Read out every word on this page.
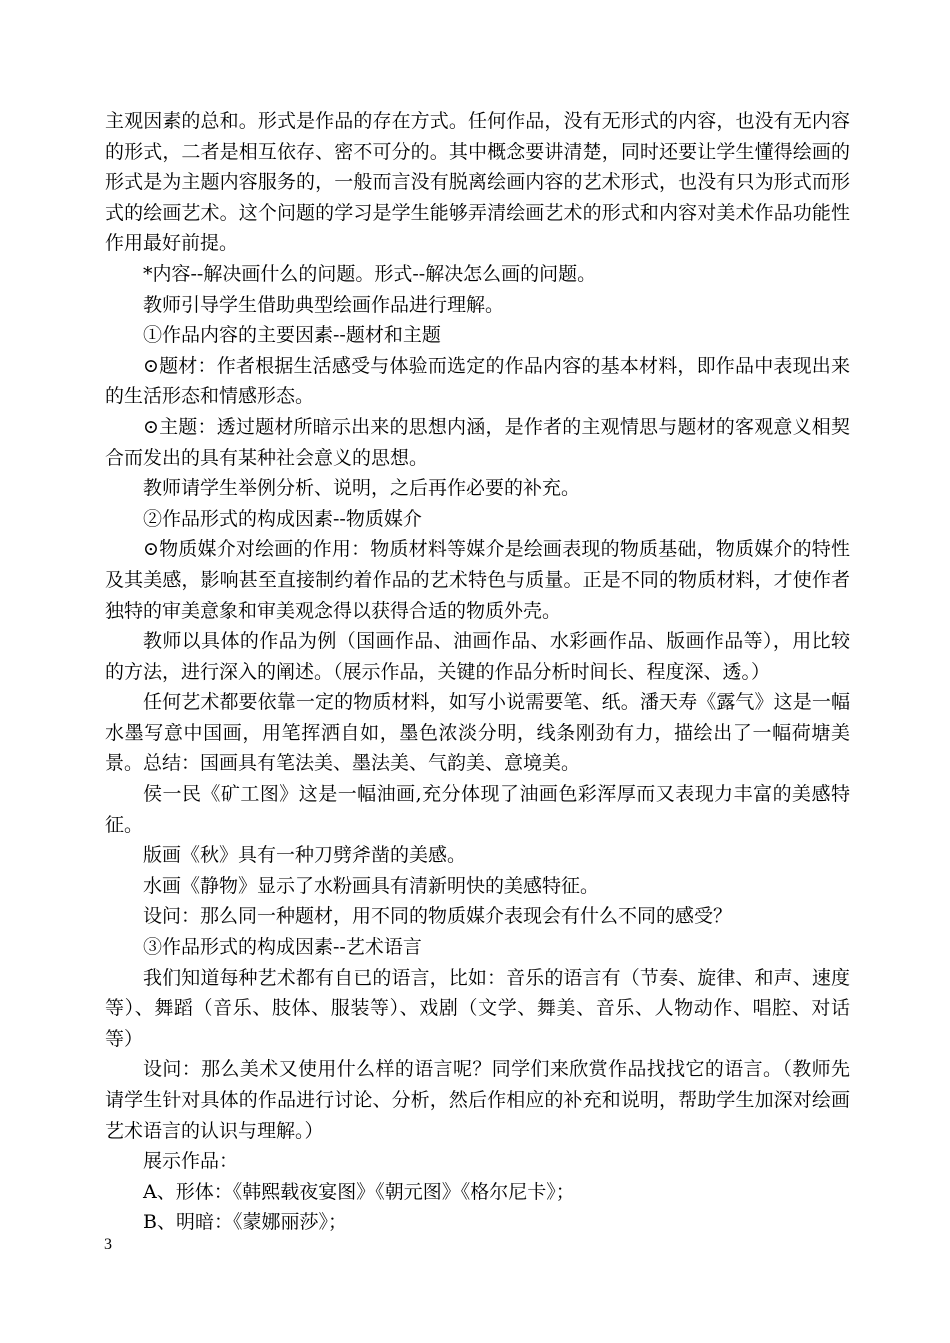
主观因素的总和。形式是作品的存在方式。任何作品，没有无形式的内容，也没有无内容的形式，二者是相互依存、密不可分的。其中概念要讲清楚，同时还要让学生懂得绘画的形式是为主题内容服务的，一般而言没有脱离绘画内容的艺术形式，也没有只为形式而形式的绘画艺术。这个问题的学习是学生能够弄清绘画艺术的形式和内容对美术作品功能性作用最好前提。

*内容--解决画什么的问题。形式--解决怎么画的问题。

教师引导学生借助典型绘画作品进行理解。

①作品内容的主要因素--题材和主题

⊙题材：作者根据生活感受与体验而选定的作品内容的基本材料，即作品中表现出来的生活形态和情感形态。

⊙主题：透过题材所暗示出来的思想内涵，是作者的主观情思与题材的客观意义相契合而发出的具有某种社会意义的思想。

教师请学生举例分析、说明，之后再作必要的补充。

②作品形式的构成因素--物质媒介

⊙物质媒介对绘画的作用：物质材料等媒介是绘画表现的物质基础，物质媒介的特性及其美感，影响甚至直接制约着作品的艺术特色与质量。正是不同的物质材料，才使作者独特的审美意象和审美观念得以获得合适的物质外壳。

教师以具体的作品为例（国画作品、油画作品、水彩画作品、版画作品等），用比较的方法，进行深入的阐述。（展示作品，关键的作品分析时间长、程度深、透。）

任何艺术都要依靠一定的物质材料，如写小说需要笔、纸。潘天寿《露气》这是一幅水墨写意中国画，用笔挥洒自如，墨色浓淡分明，线条刚劲有力，描绘出了一幅荷塘美景。总结：国画具有笔法美、墨法美、气韵美、意境美。

侯一民《矿工图》这是一幅油画,充分体现了油画色彩浑厚而又表现力丰富的美感特征。

版画《秋》具有一种刀劈斧凿的美感。

水画《静物》显示了水粉画具有清新明快的美感特征。

设问：那么同一种题材，用不同的物质媒介表现会有什么不同的感受？

③作品形式的构成因素--艺术语言

我们知道每种艺术都有自已的语言，比如：音乐的语言有（节奏、旋律、和声、速度等）、舞蹈（音乐、肢体、服装等）、戏剧（文学、舞美、音乐、人物动作、唱腔、对话等）

设问：那么美术又使用什么样的语言呢？同学们来欣赏作品找找它的语言。（教师先请学生针对具体的作品进行讨论、分析，然后作相应的补充和说明，帮助学生加深对绘画艺术语言的认识与理解。）

展示作品：

A、形体：《韩熙载夜宴图》《朝元图》《格尔尼卡》；

B、明暗：《蒙娜丽莎》；

3
